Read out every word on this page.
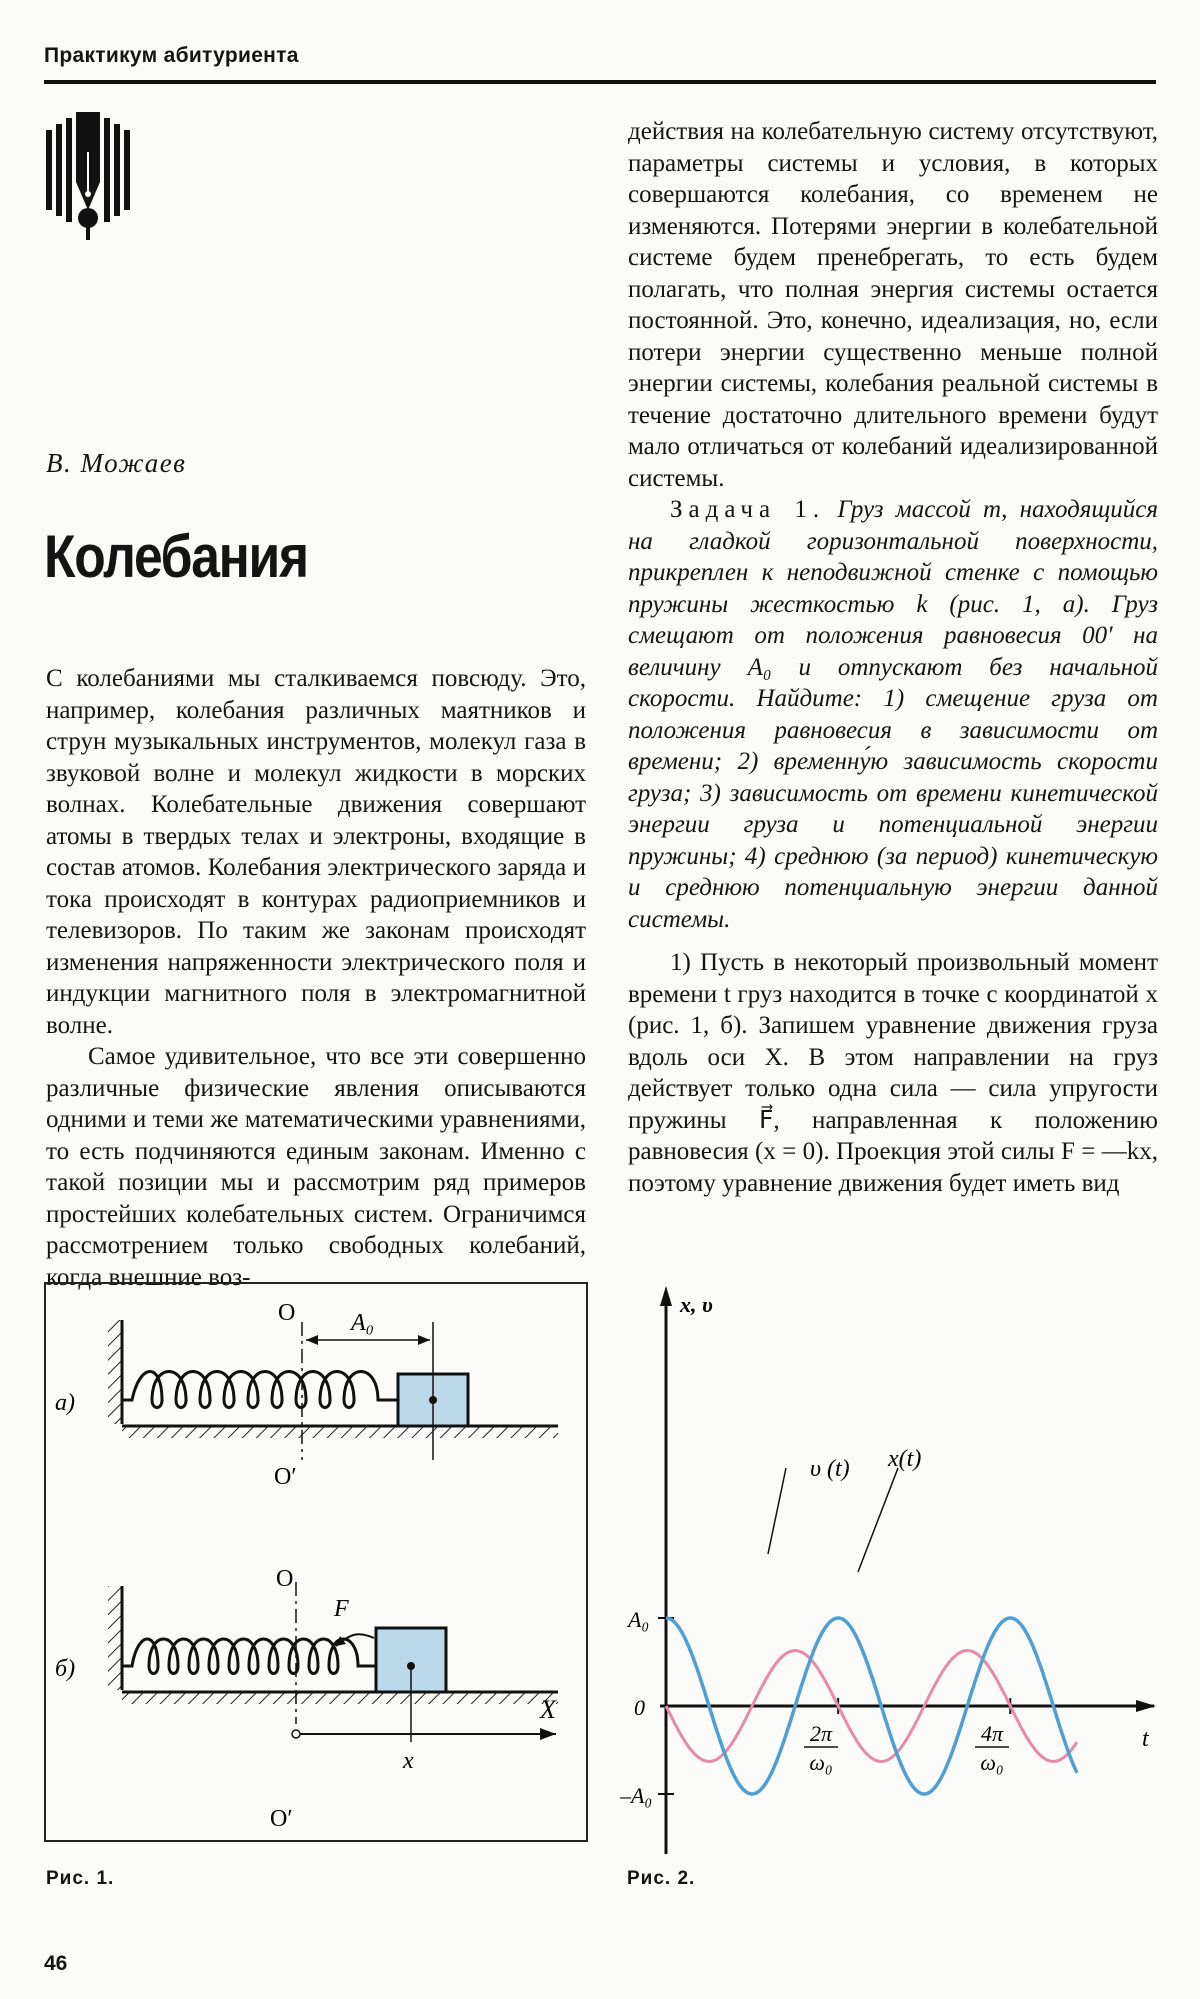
Практикум абитуриента
В. Можаев
Колебания

С колебаниями мы сталкиваемся повсюду. Это, например, колебания различных маятников и струн музыкальных инструментов, молекул газа в звуковой волне и молекул жидкости в морских волнах. Колебательные движения совершают атомы в твердых телах и электроны, входящие в состав атомов. Колебания электрического заряда и тока происходят в контурах радиоприемников и телевизоров. По таким же законам происходят изменения напряженности электрического поля и индукции магнитного поля в электромагнитной волне.

Самое удивительное, что все эти совершенно различные физические явления описываются одними и теми же математическими уравнениями, то есть подчиняются единым законам. Именно с такой позиции мы и рассмотрим ряд примеров простейших колебательных систем. Ограничимся рассмотрением только свободных колебаний, когда внешние воз-

действия на колебательную систему отсутствуют, параметры системы и условия, в которых совершаются колебания, со временем не изменяются. Потерями энергии в колебательной системе будем пренебрегать, то есть будем полагать, что полная энергия системы остается постоянной. Это, конечно, идеализация, но, если потери энергии существенно меньше полной энергии системы, колебания реальной системы в течение достаточно длительного времени будут мало отличаться от колебаний идеализированной системы.

Задача 1. Груз массой m, находящийся на гладкой горизонтальной поверхности, прикреплен к неподвижной стенке с помощью пружины жесткостью k (рис. 1, а). Груз смещают от положения равновесия 00′ на величину A₀ и отпускают без начальной скорости. Найдите: 1) смещение груза от положения равновесия в зависимости от времени; 2) временну́ю зависимость скорости груза; 3) зависимость от времени кинетической энергии груза и потенциальной энергии пружины; 4) среднюю (за период) кинетическую и среднюю потенциальную энергии данной системы.

1) Пусть в некоторый произвольный момент времени t груз находится в точке с координатой x (рис. 1, б). Запишем уравнение движения груза вдоль оси X. В этом направлении на груз действует только одна сила — сила упругости пружины F⃗, направленная к положению равновесия (x = 0). Проекция этой силы F = —kx, поэтому уравнение движения будет иметь вид

а)
O A₀
O′
б)
O
F⃗
X
x
O′
x, υ
t
υ (t) x(t)
A₀
0
–A₀
2π
ω₀
4π
ω₀
Рис. 1.	Рис. 2.
46
